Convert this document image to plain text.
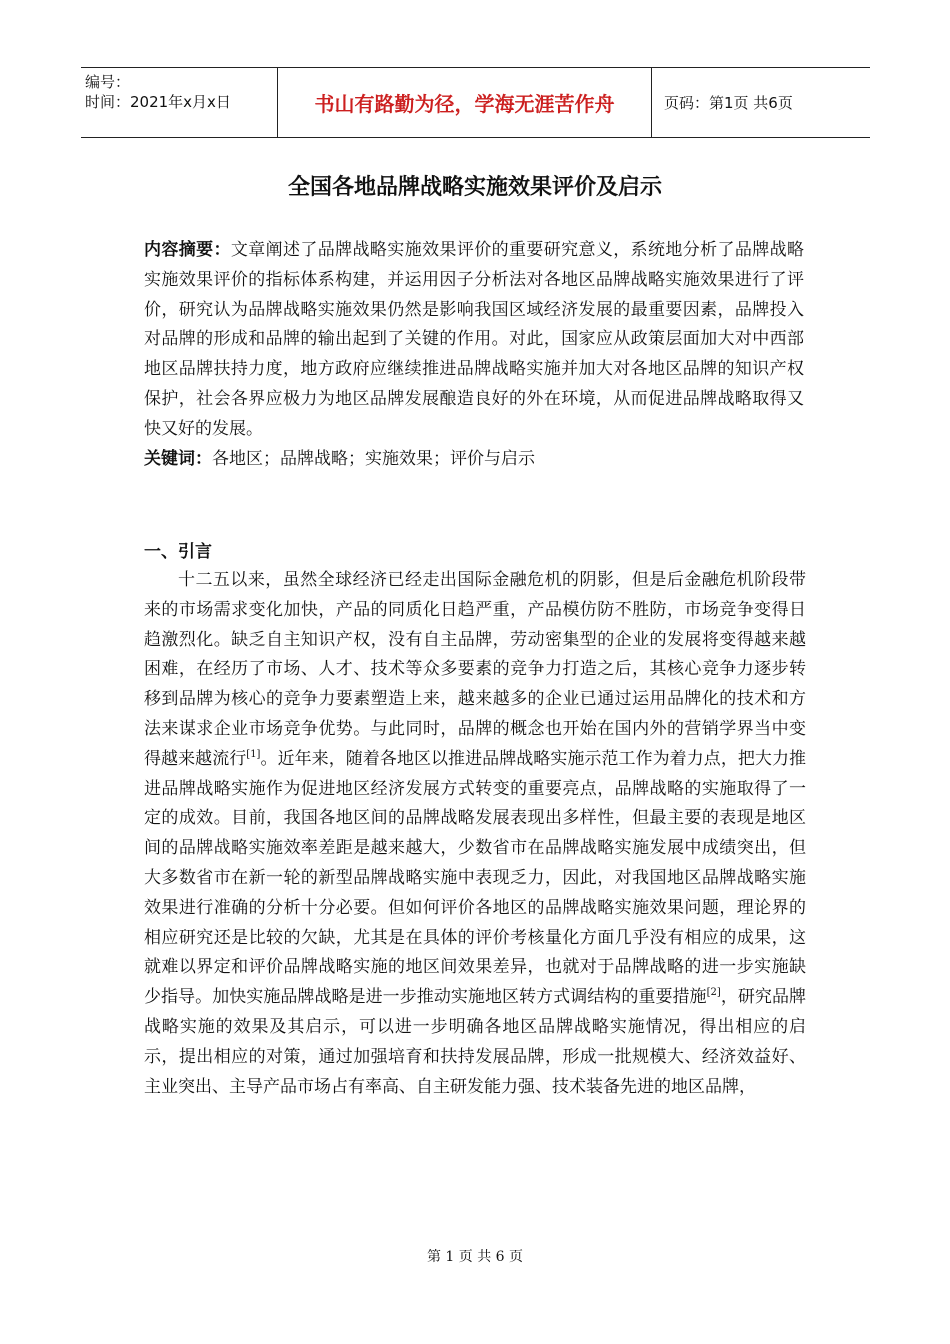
编号：
时间：2021年x月x日	书山有路勤为径，学海无涯苦作舟	页码：第1页 共6页
全国各地品牌战略实施效果评价及启示

内容摘要：文章阐述了品牌战略实施效果评价的重要研究意义，系统地分析了品牌战略实施效果评价的指标体系构建，并运用因子分析法对各地区品牌战略实施效果进行了评价，研究认为品牌战略实施效果仍然是影响我国区域经济发展的最重要因素，品牌投入对品牌的形成和品牌的输出起到了关键的作用。对此，国家应从政策层面加大对中西部地区品牌扶持力度，地方政府应继续推进品牌战略实施并加大对各地区品牌的知识产权保护，社会各界应极力为地区品牌发展酿造良好的外在环境，从而促进品牌战略取得又快又好的发展。

关键词：各地区；品牌战略；实施效果；评价与启示

一、引言

十二五以来，虽然全球经济已经走出国际金融危机的阴影，但是后金融危机阶段带来的市场需求变化加快，产品的同质化日趋严重，产品模仿防不胜防，市场竞争变得日趋激烈化。缺乏自主知识产权，没有自主品牌，劳动密集型的企业的发展将变得越来越困难，在经历了市场、人才、技术等众多要素的竞争力打造之后，其核心竞争力逐步转移到品牌为核心的竞争力要素塑造上来，越来越多的企业已通过运用品牌化的技术和方法来谋求企业市场竞争优势。与此同时，品牌的概念也开始在国内外的营销学界当中变得越来越流行[1]。近年来，随着各地区以推进品牌战略实施示范工作为着力点，把大力推进品牌战略实施作为促进地区经济发展方式转变的重要亮点，品牌战略的实施取得了一定的成效。目前，我国各地区间的品牌战略发展表现出多样性，但最主要的表现是地区间的品牌战略实施效率差距是越来越大，少数省市在品牌战略实施发展中成绩突出，但大多数省市在新一轮的新型品牌战略实施中表现乏力，因此，对我国地区品牌战略实施效果进行准确的分析十分必要。但如何评价各地区的品牌战略实施效果问题，理论界的相应研究还是比较的欠缺，尤其是在具体的评价考核量化方面几乎没有相应的成果，这就难以界定和评价品牌战略实施的地区间效果差异，也就对于品牌战略的进一步实施缺少指导。加快实施品牌战略是进一步推动实施地区转方式调结构的重要措施[2]，研究品牌战略实施的效果及其启示，可以进一步明确各地区品牌战略实施情况，得出相应的启示，提出相应的对策，通过加强培育和扶持发展品牌，形成一批规模大、经济效益好、主业突出、主导产品市场占有率高、自主研发能力强、技术装备先进的地区品牌，

第 1 页 共 6 页
